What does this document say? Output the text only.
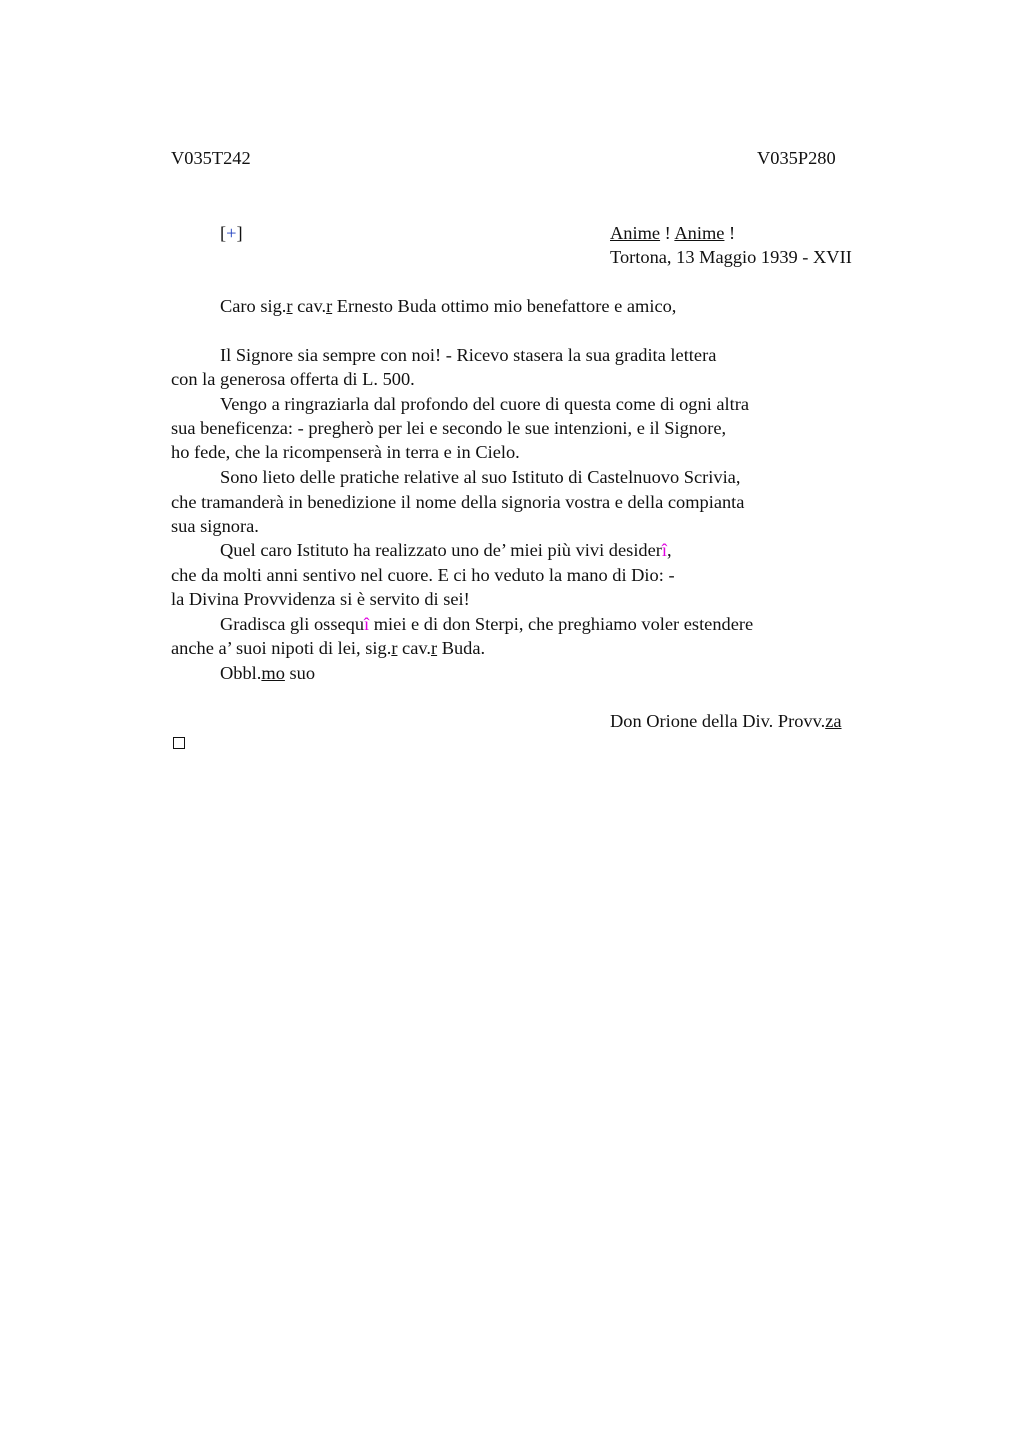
V035T242	V035P280
[+]	Anime ! Anime !
Tortona, 13 Maggio 1939 - XVII
Caro sig.r cav.r Ernesto Buda ottimo mio benefattore e amico,
Il Signore sia sempre con noi! - Ricevo stasera la sua gradita lettera
con la generosa offerta di L. 500.
Vengo a ringraziarla dal profondo del cuore di questa come di ogni altra
sua beneficenza: - pregherò per lei e secondo le sue intenzioni, e il Signore,
ho fede, che la ricompenserà in terra e in Cielo.
Sono lieto delle pratiche relative al suo Istituto di Castelnuovo Scrivia,
che tramanderà in benedizione il nome della signoria vostra e della compianta
sua signora.
Quel caro Istituto ha realizzato uno de’ miei più vivi desiderî,
che da molti anni sentivo nel cuore. E ci ho veduto la mano di Dio: -
la Divina Provvidenza si è servito di sei!
Gradisca gli ossequî miei e di don Sterpi, che preghiamo voler estendere
anche a’ suoi nipoti di lei, sig.r cav.r Buda.
Obbl.mo suo
Don Orione della Div. Provv.za
